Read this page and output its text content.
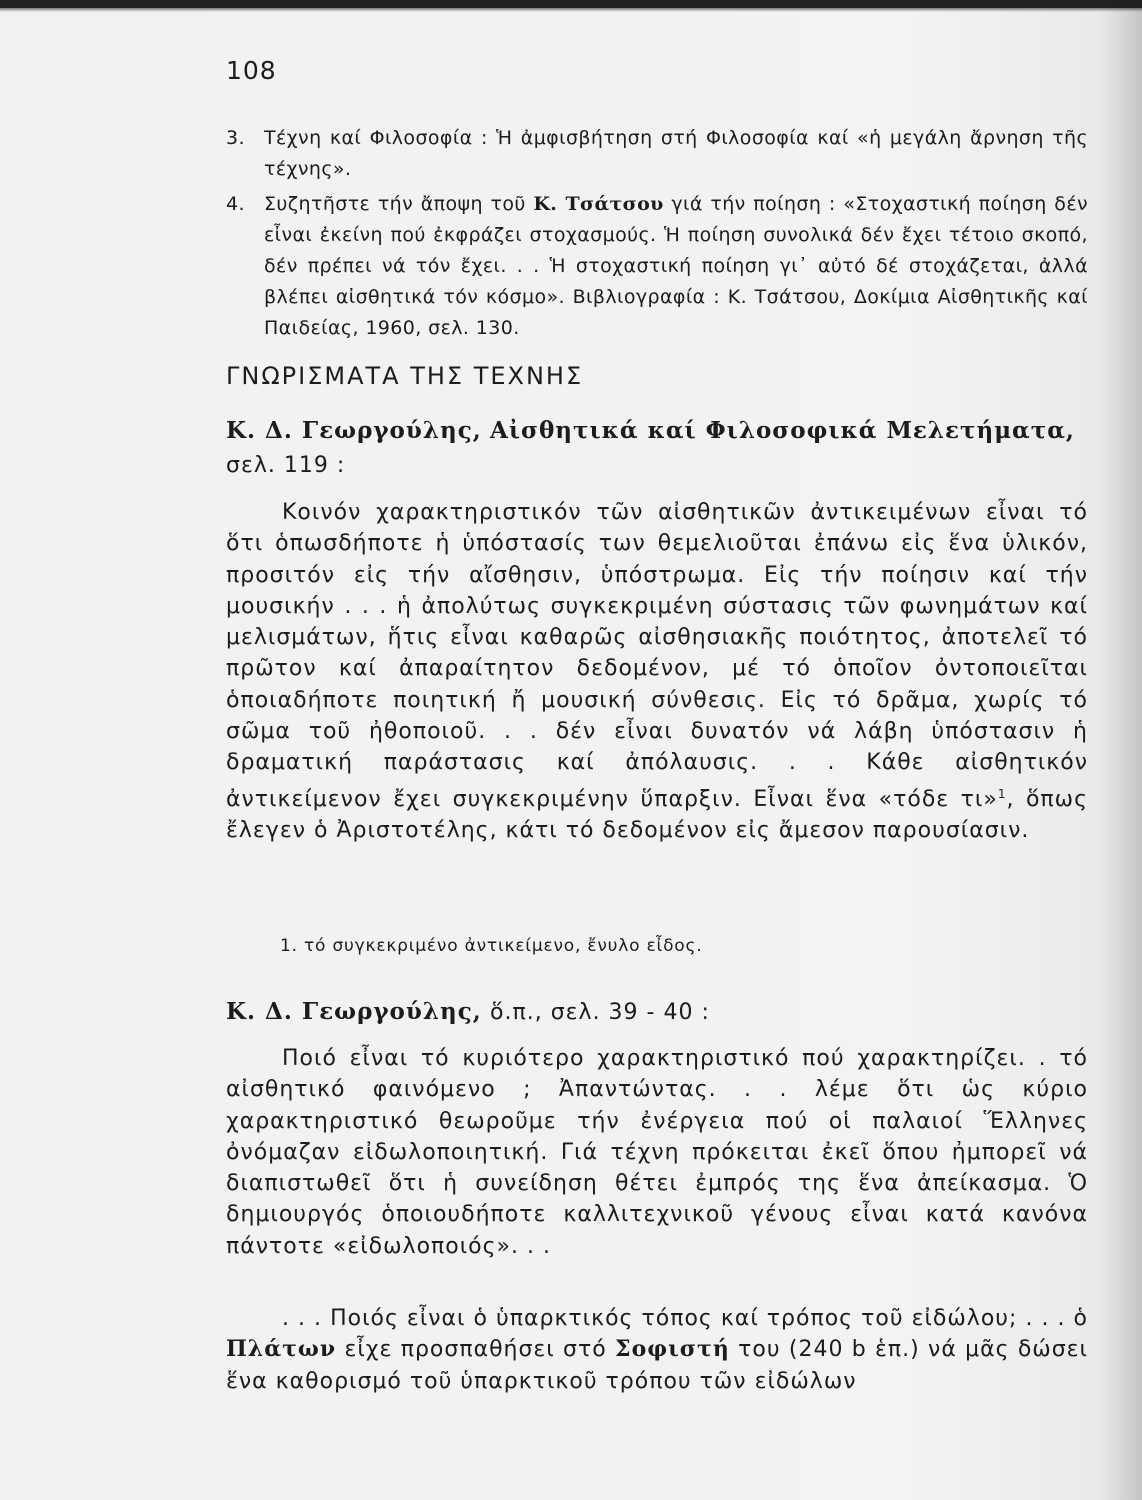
108
3.	Τέχνη καί Φιλοσοφία : Ἡ ἀμφισβήτηση στή Φιλοσοφία καί «ἡ μεγάλη ἄρνηση τῆς τέχνης».
4.	Συζητῆστε τήν ἄποψη τοῦ Κ. Τσάτσου γιά τήν ποίηση : «Στοχαστική ποίηση δέν εἶναι ἐκείνη πού ἐκφράζει στοχασμούς. Ἡ ποίηση συνολικά δέν ἔχει τέτοιο σκοπό, δέν πρέπει νά τόν ἔχει. . . Ἡ στοχαστική ποίηση γι᾽ αὐτό δέ στοχάζεται, ἀλλά βλέπει αἰσθητικά τόν κόσμο». Βιβλιογραφία : Κ. Τσάτσου, Δοκίμια Αἰσθητικῆς καί Παιδείας, 1960, σελ. 130.
ΓΝΩΡΙΣΜΑΤΑ ΤΗΣ ΤΕΧΝΗΣ
Κ. Δ. Γεωργούλης, Αἰσθητικά καί Φιλοσοφικά Μελετήματα, σελ. 119 :

Κοινόν χαρακτηριστικόν τῶν αἰσθητικῶν ἀντικειμένων εἶναι τό ὅτι ὁπωσδήποτε ἡ ὑπόστασίς των θεμελιοῦται ἐπάνω εἰς ἕνα ὑλικόν, προσιτόν εἰς τήν αἴσθησιν, ὑπόστρωμα. Εἰς τήν ποίησιν καί τήν μουσικήν . . . ἡ ἀπολύτως συγκεκριμένη σύστασις τῶν φωνημάτων καί μελισμάτων, ἥτις εἶναι καθαρῶς αἰσθησιακῆς ποιότητος, ἀποτελεῖ τό πρῶτον καί ἀπαραίτητον δεδομένον, μέ τό ὁποῖον ὀντοποιεῖται ὁποιαδήποτε ποιητική ἤ μουσική σύνθεσις. Εἰς τό δρᾶμα, χωρίς τό σῶμα τοῦ ἠθοποιοῦ. . . δέν εἶναι δυνατόν νά λάβη ὑπόστασιν ἡ δραματική παράστασις καί ἀπόλαυσις. . . Κάθε αἰσθητικόν ἀντικείμενον ἔχει συγκεκριμένην ὕπαρξιν. Εἶναι ἕνα «τόδε τι»$^1$, ὅπως ἔλεγεν ὁ Ἀριστοτέλης, κάτι τό δεδομένον εἰς ἄμεσον παρουσίασιν.

1. τό συγκεκριμένο ἀντικείμενο, ἔνυλο εἶδος.
Κ. Δ. Γεωργούλης, ὅ.π., σελ. 39 - 40 :

Ποιό εἶναι τό κυριότερο χαρακτηριστικό πού χαρακτηρίζει. . τό αἰσθητικό φαινόμενο ; Ἀπαντώντας. . . λέμε ὅτι ὡς κύριο χαρακτηριστικό θεωροῦμε τήν ἐνέργεια πού οἱ παλαιοί Ἕλληνες ὀνόμαζαν εἰδωλοποιητική. Γιά τέχνη πρόκειται ἐκεῖ ὅπου ἠμπορεῖ νά διαπιστωθεῖ ὅτι ἡ συνείδηση θέτει ἐμπρός της ἕνα ἀπείκασμα. Ὁ δημιουργός ὁποιουδήποτε καλλιτεχνικοῦ γένους εἶναι κατά κανόνα πάντοτε «εἰδωλοποιός». . .

. . . Ποιός εἶναι ὁ ὑπαρκτικός τόπος καί τρόπος τοῦ εἰδώλου; . . . ὁ Πλάτων εἶχε προσπαθήσει στό Σοφιστή του (240 b ἑπ.) νά μᾶς δώσει ἕνα καθορισμό τοῦ ὑπαρκτικοῦ τρόπου τῶν εἰδώλων
